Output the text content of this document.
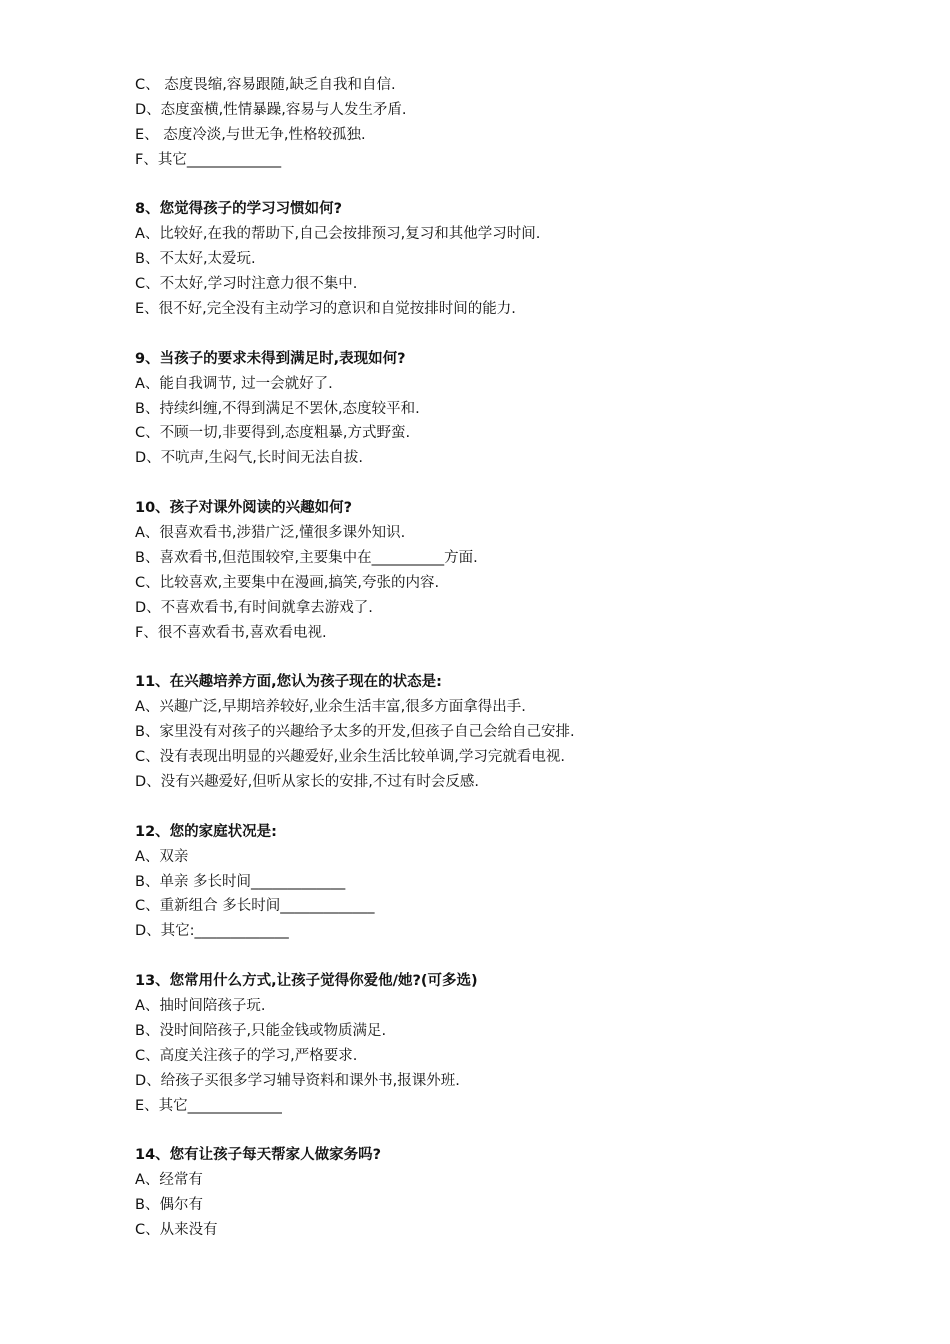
C、 态度畏缩,容易跟随,缺乏自我和自信.
D、态度蛮横,性情暴躁,容易与人发生矛盾.
E、 态度冷淡,与世无争,性格较孤独.
F、其它_____________
8、您觉得孩子的学习习惯如何?
A、比较好,在我的帮助下,自己会按排预习,复习和其他学习时间.
B、不太好,太爱玩.
C、不太好,学习时注意力很不集中.
E、很不好,完全没有主动学习的意识和自觉按排时间的能力.
9、当孩子的要求未得到满足时,表现如何?
A、能自我调节, 过一会就好了.
B、持续纠缠,不得到满足不罢休,态度较平和.
C、不顾一切,非要得到,态度粗暴,方式野蛮.
D、不吭声,生闷气,长时间无法自拔.
10、孩子对课外阅读的兴趣如何?
A、很喜欢看书,涉猎广泛,懂很多课外知识.
B、喜欢看书,但范围较窄,主要集中在__________方面.
C、比较喜欢,主要集中在漫画,搞笑,夸张的内容.
D、不喜欢看书,有时间就拿去游戏了.
F、很不喜欢看书,喜欢看电视.
11、在兴趣培养方面,您认为孩子现在的状态是:
A、兴趣广泛,早期培养较好,业余生活丰富,很多方面拿得出手.
B、家里没有对孩子的兴趣给予太多的开发,但孩子自己会给自己安排.
C、没有表现出明显的兴趣爱好,业余生活比较单调,学习完就看电视.
D、没有兴趣爱好,但听从家长的安排,不过有时会反感.
12、您的家庭状况是:
A、双亲
B、单亲 多长时间_____________
C、重新组合 多长时间_____________
D、其它:_____________
13、您常用什么方式,让孩子觉得你爱他/她?(可多选)
A、抽时间陪孩子玩.
B、没时间陪孩子,只能金钱或物质满足.
C、高度关注孩子的学习,严格要求.
D、给孩子买很多学习辅导资料和课外书,报课外班.
E、其它_____________
14、您有让孩子每天帮家人做家务吗?
A、经常有
B、偶尔有
C、从来没有
